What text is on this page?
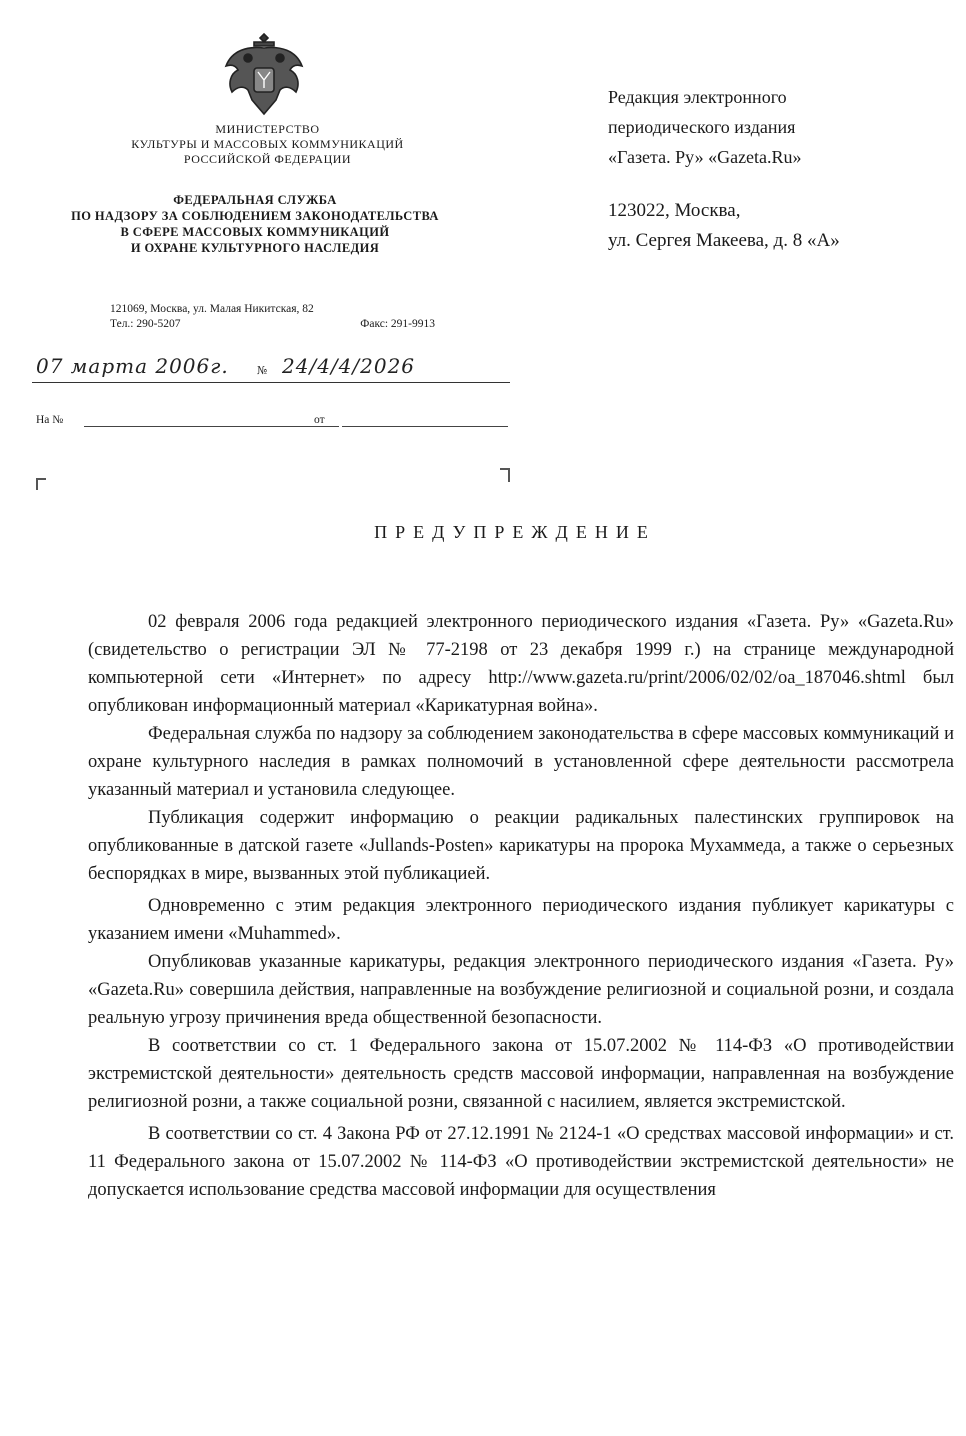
МИНИСТЕРСТВО
КУЛЬТУРЫ И МАССОВЫХ КОММУНИКАЦИЙ
РОССИЙСКОЙ ФЕДЕРАЦИИ
ФЕДЕРАЛЬНАЯ СЛУЖБА
ПО НАДЗОРУ ЗА СОБЛЮДЕНИЕМ ЗАКОНОДАТЕЛЬСТВА
В СФЕРЕ МАССОВЫХ КОММУНИКАЦИЙ
И ОХРАНЕ КУЛЬТУРНОГО НАСЛЕДИЯ
121069, Москва, ул. Малая Никитская, 82
Тел.: 290-5207	Факс: 291-9913
07 марта 2006г.	№ 24/4/4/2026
На №	от
Редакция электронного
периодического издания
«Газета. Ру» «Gazeta.Ru»
123022, Москва,
ул. Сергея Макеева, д. 8 «А»
ПРЕДУПРЕЖДЕНИЕ

02 февраля 2006 года редакцией электронного периодического издания «Газета. Ру» «Gazeta.Ru» (свидетельство о регистрации ЭЛ № 77-2198 от 23 декабря 1999 г.) на странице международной компьютерной сети «Интернет» по адресу http://www.gazeta.ru/print/2006/02/02/oa_187046.shtml был опубликован информационный материал «Карикатурная война».

Федеральная служба по надзору за соблюдением законодательства в сфере массовых коммуникаций и охране культурного наследия в рамках полномочий в установленной сфере деятельности рассмотрела указанный материал и установила следующее.

Публикация содержит информацию о реакции радикальных палестинских группировок на опубликованные в датской газете «Jullands-Posten» карикатуры на пророка Мухаммеда, а также о серьезных беспорядках в мире, вызванных этой публикацией.

Одновременно с этим редакция электронного периодического издания публикует карикатуры с указанием имени «Muhammed».

Опубликовав указанные карикатуры, редакция электронного периодического издания «Газета. Ру» «Gazeta.Ru» совершила действия, направленные на возбуждение религиозной и социальной розни, и создала реальную угрозу причинения вреда общественной безопасности.

В соответствии со ст. 1 Федерального закона от 15.07.2002 № 114-ФЗ «О противодействии экстремистской деятельности» деятельность средств массовой информации, направленная на возбуждение религиозной розни, а также социальной розни, связанной с насилием, является экстремистской.

В соответствии со ст. 4 Закона РФ от 27.12.1991 № 2124-1 «О средствах массовой информации» и ст. 11 Федерального закона от 15.07.2002 № 114-ФЗ «О противодействии экстремистской деятельности» не допускается использование средства массовой информации для осуществления
